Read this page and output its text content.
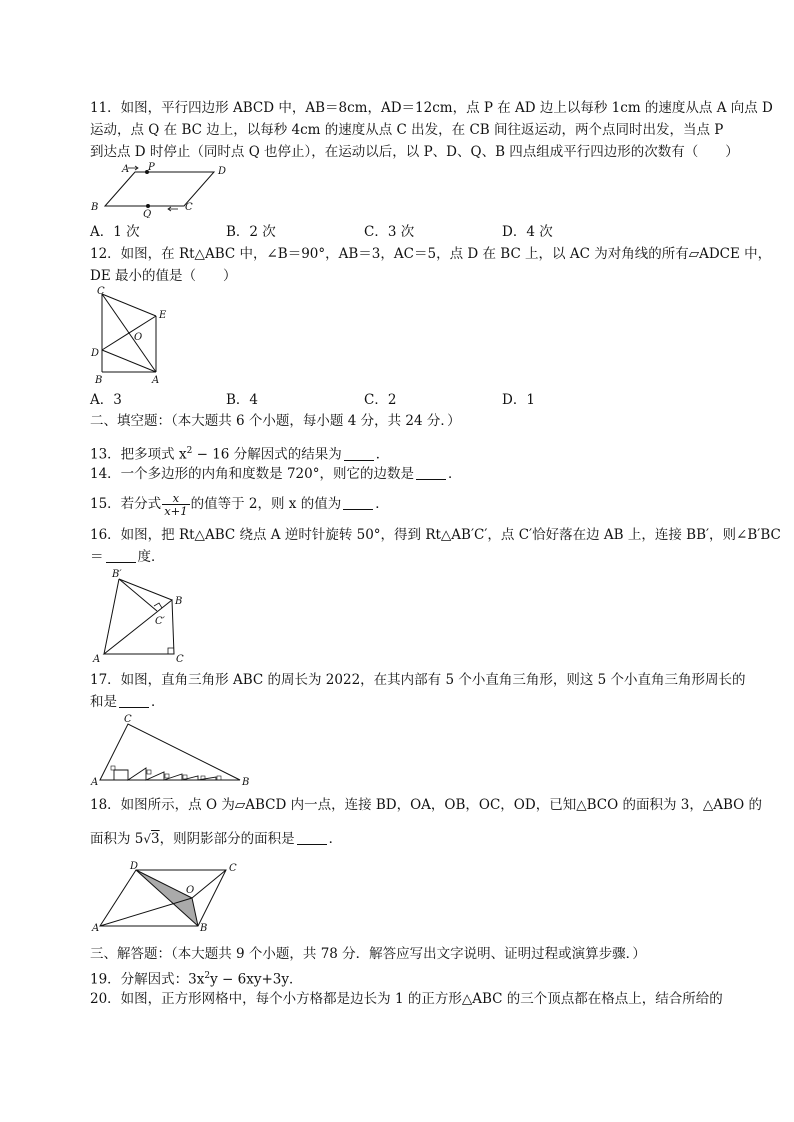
11．如图，平行四边形 ABCD 中，AB＝8cm，AD＝12cm，点 P 在 AD 边上以每秒 1cm 的速度从点 A 向点 D
运动，点 Q 在 BC 边上，以每秒 4cm 的速度从点 C 出发，在 CB 间往返运动，两个点同时出发，当点 P
到达点 D 时停止（同时点 Q 也停止），在运动以后，以 P、D、Q、B 四点组成平行四边形的次数有（　　）
A P	D
B
Q
C
A．1 次	B．2 次	C．3 次	D．4 次
12．如图，在 Rt△ABC 中，∠B＝90°，AB＝3，AC＝5，点 D 在 BC 上，以 AC 为对角线的所有▱ADCE 中，
DE 最小的值是（　　）
C
E
O
D
B	A
A．3	B．4	C．2	D．1
二、填空题：（本大题共 6 个小题，每小题 4 分，共 24 分．）
13．把多项式 $x^2 - 16$ 分解因式的结果为	．
14．一个多边形的内角和度数是 720°，则它的边数是	．
15．若分式 $\frac{x}{x+1}$ 的值等于 2，则 x 的值为	．
16．如图，把 Rt△ABC 绕点 A 逆时针旋转 50°，得到 Rt△AB′C′，点 C′恰好落在边 AB 上，连接 BB′，则∠B′BC
＝	度．
B′
B
C′
A	C
17．如图，直角三角形 ABC 的周长为 2022，在其内部有 5 个小直角三角形，则这 5 个小直角三角形周长的
和是	．
C
A	B
18．如图所示，点 O 为▱ABCD 内一点，连接 BD，OA，OB，OC，OD，已知△BCO 的面积为 3，△ABO 的
面积为 5√3，则阴影部分的面积是	．
D	C
O
A	B
三、解答题：（本大题共 9 个小题，共 78 分．解答应写出文字说明、证明过程或演算步骤．）
19．分解因式：$3x^2y - 6xy+3y$．
20．如图，正方形网格中，每个小方格都是边长为 1 的正方形△ABC 的三个顶点都在格点上，结合所给的
